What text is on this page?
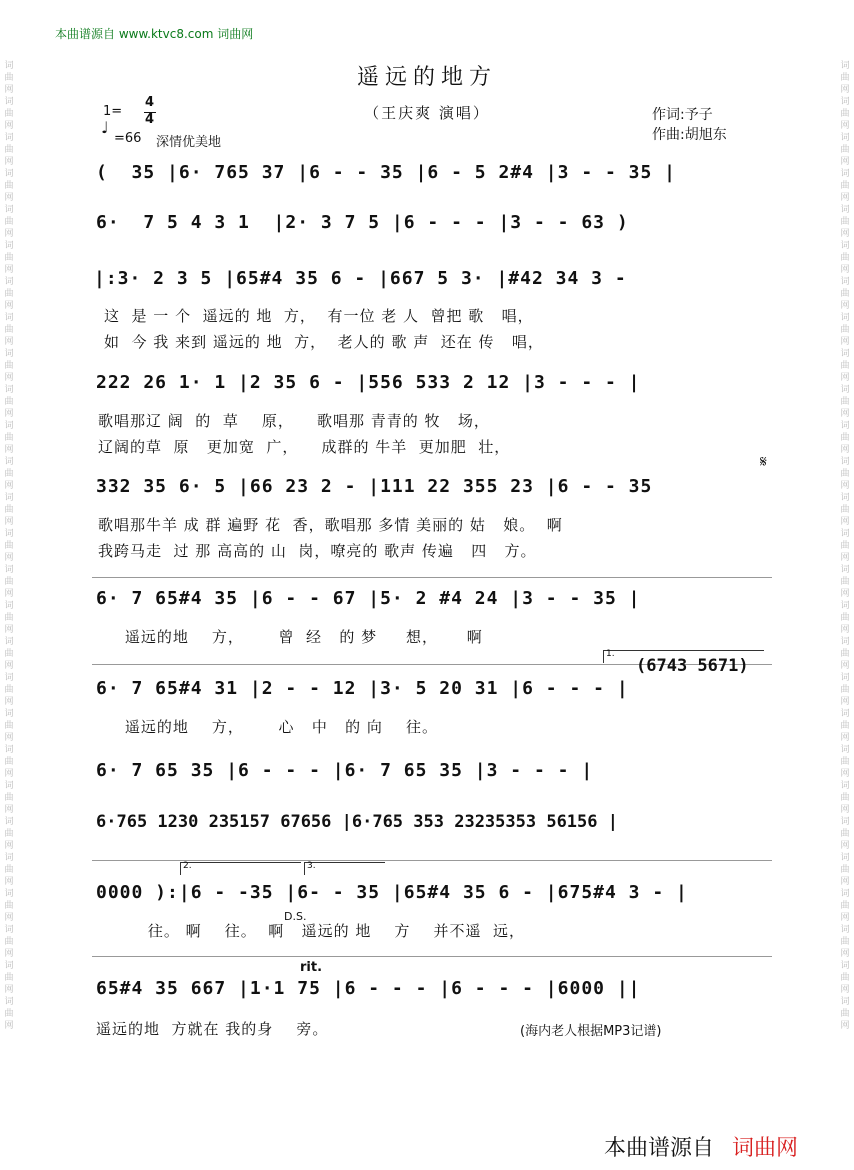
词曲网词曲网词曲网词曲网词曲网词曲网词曲网词曲网词曲网词曲网词曲网词曲网词曲网词曲网词曲网词曲网词曲网词曲网词曲网词曲网词曲网词曲网词曲网词曲网词曲网词曲网词曲网
词曲网词曲网词曲网词曲网词曲网词曲网词曲网词曲网词曲网词曲网词曲网词曲网词曲网词曲网词曲网词曲网词曲网词曲网词曲网词曲网词曲网词曲网词曲网词曲网词曲网词曲网词曲网
本曲谱源自 www.ktvc8.com 词曲网
遥远的地方
（王庆爽 演唱）	作词:予子
作曲:胡旭东
1=
4
4
♩
=66 深情优美地
(  35 |6· 765 37 |6 - - 35 |6 - 5 2#4 |3 - - 35 |
6·  7 5 4 3 1  |2· 3 7 5 |6 - - - |3 - - 63 )
|:3· 2 3 5 |65#4 35 6 - |667 5 3· |#42 34 3 -
这  是 一 个  遥远的 地  方，  有一位 老 人  曾把 歌   唱，
如  今 我 来到 遥远的 地  方，  老人的 歌 声  还在 传   唱，
222 26 1· 1 |2 35 6 - |556 533 2 12 |3 - - - |
歌唱那辽 阔  的  草    原，    歌唱那 青青的 牧   场，
辽阔的草  原   更加宽  广，    成群的 牛羊  更加肥  壮，
332 35 6· 5 |66 23 2 - |111 22 355 23 |6 - - 35
歌唱那牛羊 成 群 遍野 花  香，歌唱那 多情 美丽的 姑   娘。  啊
我跨马走  过 那 高高的 山  岗，嘹亮的 歌声 传遍   四   方。
𝄋
6· 7 65#4 35 |6 - - 67 |5· 2 #4 24 |3 - - 35 |
遥远的地    方，      曾  经   的 梦     想，     啊
1.
(6743 5671)
6· 7 65#4 31 |2 - - 12 |3· 5 20 31 |6 - - - |
遥远的地    方，      心   中   的 向    往。
6· 7 65 35 |6 - - - |6· 7 65 35 |3 - - - |
6·765 1230 235157 67656 |6·765 353 23235353 56156 |
2.	3.
0000 ):|6 - -35 |6- - 35 |65#4 35 6 - |675#4 3 - |
D.S.
往。 啊    往。  啊   遥远的 地    方    并不遥  远，
rit.
65#4 35 667 |1·1 75 |6 - - - |6 - - - |6000 ||
遥远的地  方就在 我的身    旁。	(海内老人根据MP3记谱)

本曲谱源自 词曲网
